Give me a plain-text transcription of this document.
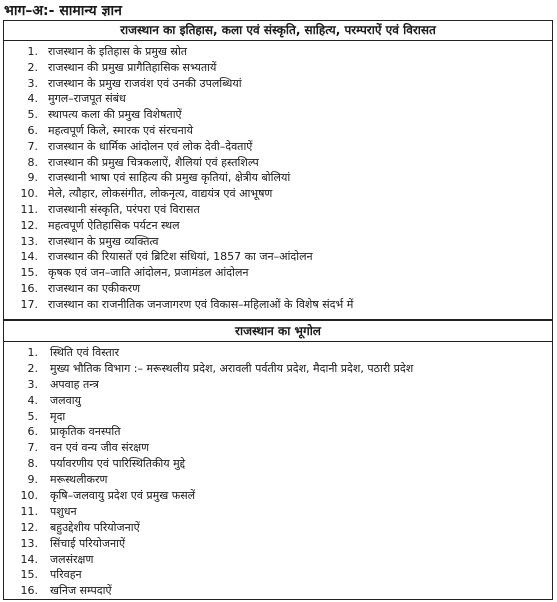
भाग–अ:- सामान्य ज्ञान
राजस्थान का इतिहास, कला एवं संस्कृति, साहित्य, परम्पराऐं एवं विरासत
1. राजस्थान के इतिहास के प्रमुख स्रोत
2. राजस्थान की प्रमुख प्रागैतिहासिक सभ्यतायें
3. राजस्थान के प्रमुख राजवंश एवं उनकी उपलब्धियां
4. मुगल–राजपूत संबंध
5. स्थापत्य कला की प्रमुख विशेषताऐं
6. महत्वपूर्ण किले, स्मारक एवं संरचनाये
7. राजस्थान के धार्मिक आंदोलन एवं लोक देवी–देवताऐं
8. राजस्थान की प्रमुख चित्रकलाऐं, शैलियां एवं हस्तशिल्प
9. राजस्थानी भाषा एवं साहित्य की प्रमुख कृतियां, क्षेत्रीय बोलियां
10. मेले, त्यौहार, लोकसंगीत, लोकनृत्य, वाद्ययंत्र एवं आभूषण
11. राजस्थानी संस्कृति, परंपरा एवं विरासत
12. महत्वपूर्ण ऐतिहासिक पर्यटन स्थल
13. राजस्थान के प्रमुख व्यक्तित्व
14. राजस्थान की रियासतें एवं ब्रिटिश संधियां, 1857 का जन–आंदोलन
15. कृषक एवं जन–जाति आंदोलन, प्रजामंडल आंदोलन
16. राजस्थान का एकीकरण
17. राजस्थान का राजनीतिक जनजागरण एवं विकास–महिलाओं के विशेष संदर्भ में
राजस्थान का भूगोल
1.	स्थिति एवं विस्तार
2.	मुख्य भौतिक विभाग :– मरूस्थलीय प्रदेश, अरावली पर्वतीय प्रदेश, मैदानी प्रदेश, पठारी प्रदेश
3.	अपवाह तन्त्र
4.	जलवायु
5.	मृदा
6.	प्राकृतिक वनस्पति
7.	वन एवं वन्य जीव संरक्षण
8.	पर्यावरणीय एवं पारिस्थितिकीय मुद्दे
9.	मरूस्थलीकरण
10.	कृषि–जलवायु प्रदेश एवं प्रमुख फसलें
11.	पशुधन
12.	बहुउद्देशीय परियोजनाऐं
13.	सिंचाई परियोजनाऐं
14.	जलसंरक्षण
15.	परिवहन
16.	खनिज सम्पदाऐं
